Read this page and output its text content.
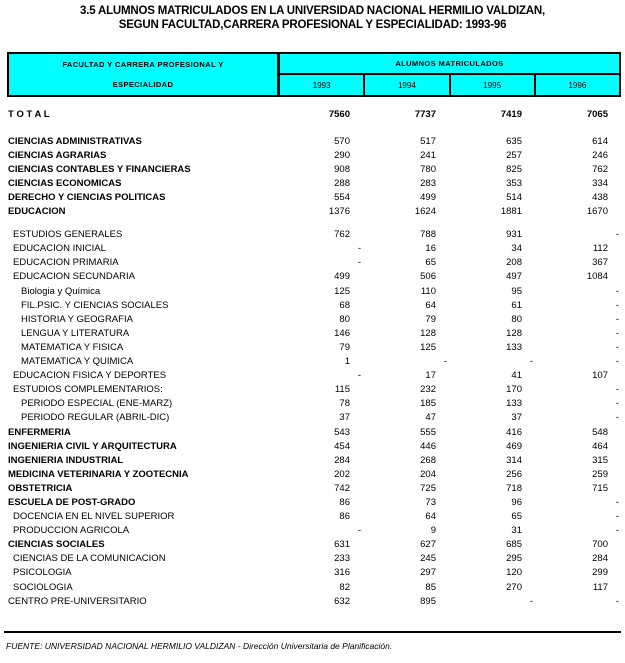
3.5 ALUMNOS MATRICULADOS EN LA UNIVERSIDAD NACIONAL HERMILIO VALDIZAN,
SEGUN FACULTAD,CARRERA PROFESIONAL Y ESPECIALIDAD: 1993-96
FACULTAD Y CARRERA PROFESIONAL Y
ESPECIALIDAD
ALUMNOS MATRICULADOS
1993	1994	1995	1996
T O T A L	7560	7737	7419	7065
CIENCIAS ADMINISTRATIVAS	570	517	635	614
CIENCIAS AGRARIAS	290	241	257	246
CIENCIAS CONTABLES Y FINANCIERAS	908	780	825	762
CIENCIAS ECONOMICAS	288	283	353	334
DERECHO Y CIENCIAS POLITICAS	554	499	514	438
EDUCACION	1376	1624	1881	1670
ESTUDIOS GENERALES	762	788	931	-
EDUCACION INICIAL	-	16	34	112
EDUCACION PRIMARIA	-	65	208	367
EDUCACION SECUNDARIA	499	506	497	1084
Biologia y Química	125	110	95	-
FIL.PSIC. Y CIENCIAS SOCIALES	68	64	61	-
HISTORIA Y GEOGRAFIA	80	79	80	-
LENGUA Y LITERATURA	146	128	128	-
MATEMATICA Y FISICA	79	125	133	-
MATEMATICA Y QUIMICA	1	-	-	-
EDUCACION FISICA Y DEPORTES	-	17	41	107
ESTUDIOS COMPLEMENTARIOS:	115	232	170	-
PERIODO ESPECIAL (ENE-MARZ)	78	185	133	-
PERIODO REGULAR (ABRIL-DIC)	37	47	37	-
ENFERMERIA	543	555	416	548
INGENIERIA CIVIL Y ARQUITECTURA	454	446	469	464
INGENIERIA INDUSTRIAL	284	268	314	315
MEDICINA VETERINARIA Y ZOOTECNIA	202	204	256	259
OBSTETRICIA	742	725	718	715
ESCUELA DE POST-GRADO	86	73	96	-
DOCENCIA EN EL NIVEL SUPERIOR	86	64	65	-
PRODUCCION AGRICOLA	-	9	31	-
CIENCIAS SOCIALES	631	627	685	700
CIENCIAS DE LA COMUNICACION	233	245	295	284
PSICOLOGIA	316	297	120	299
SOCIOLOGIA	82	85	270	117
CENTRO PRE-UNIVERSITARIO	632	895	-	-
FUENTE: UNIVERSIDAD NACIONAL HERMILIO VALDIZAN - Dirección Universitaria de Planificación.
